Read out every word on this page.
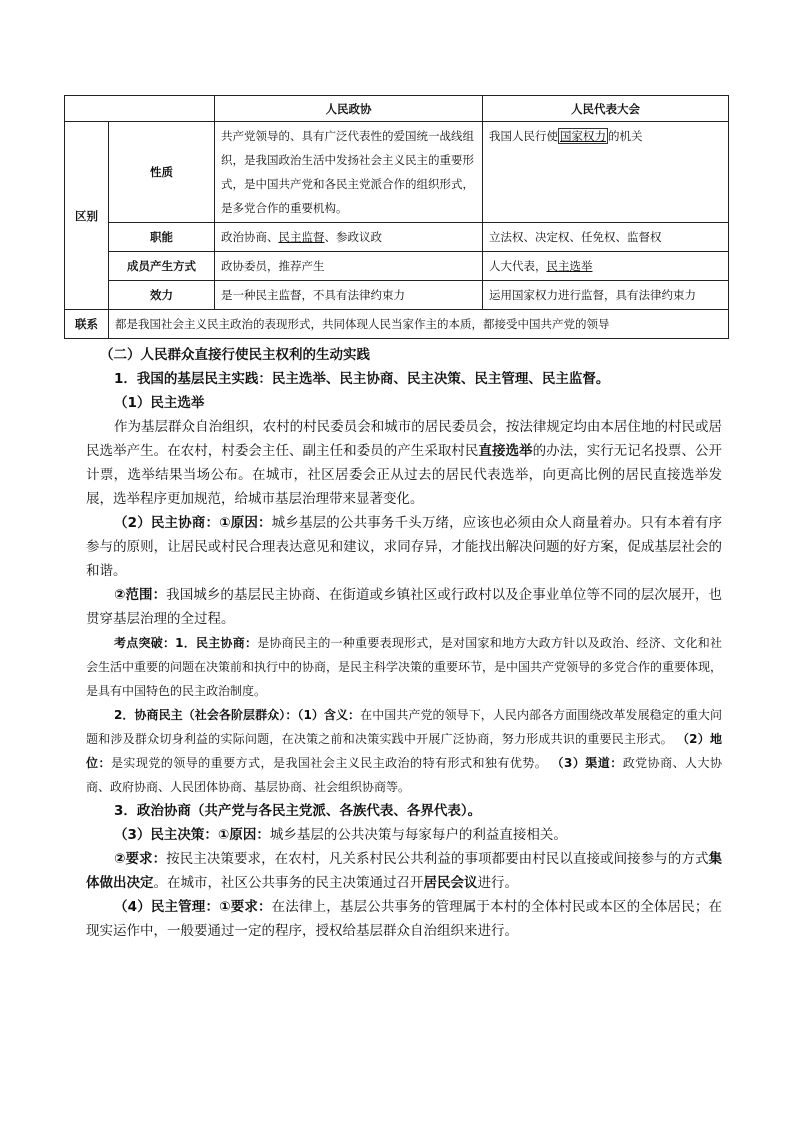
		人民政协	人民代表大会
区别	性质	共产党领导的、具有广泛代表性的爱国统一战线组织，是我国政治生活中发扬社会主义民主的重要形式，是中国共产党和各民主党派合作的组织形式，是多党合作的重要机构。	我国人民行使 国家权力 的机关
	职能	政治协商、民主监督、参政议政	立法权、决定权、任免权、监督权
	成员产生方式	政协委员，推荐产生	人大代表，民主选举
	效力	是一种民主监督，不具有法律约束力	运用国家权力进行监督，具有法律约束力
联系	都是我国社会主义民主政治的表现形式，共同体现人民当家作主的本质，都接受中国共产党的领导		

（二）人民群众直接行使民主权利的生动实践

1．我国的基层民主实践：民主选举、民主协商、民主决策、民主管理、民主监督。

（1）民主选举

作为基层群众自治组织，农村的村民委员会和城市的居民委员会，按法律规定均由本居住地的村民或居民选举产生。在农村，村委会主任、副主任和委员的产生采取村民直接选举的办法，实行无记名投票、公开计票，选举结果当场公布。在城市，社区居委会正从过去的居民代表选举，向更高比例的居民直接选举发展，选举程序更加规范，给城市基层治理带来显著变化。

（2）民主协商：①原因：城乡基层的公共事务千头万绪，应该也必须由众人商量着办。只有本着有序参与的原则，让居民或村民合理表达意见和建议，求同存异，才能找出解决问题的好方案，促成基层社会的和谐。

②范围：我国城乡的基层民主协商、在街道或乡镇社区或行政村以及企事业单位等不同的层次展开，也贯穿基层治理的全过程。

考点突破：1．民主协商：是协商民主的一种重要表现形式，是对国家和地方大政方针以及政治、经济、文化和社会生活中重要的问题在决策前和执行中的协商，是民主科学决策的重要环节，是中国共产党领导的多党合作的重要体现，是具有中国特色的民主政治制度。

2．协商民主（社会各阶层群众）：（1）含义：在中国共产党的领导下，人民内部各方面围绕改革发展稳定的重大问题和涉及群众切身利益的实际问题，在决策之前和决策实践中开展广泛协商，努力形成共识的重要民主形式。 （2）地位：是实现党的领导的重要方式，是我国社会主义民主政治的特有形式和独有优势。 （3）渠道：政党协商、人大协商、政府协商、人民团体协商、基层协商、社会组织协商等。

3．政治协商（共产党与各民主党派、各族代表、各界代表）。

（3）民主决策：①原因：城乡基层的公共决策与每家每户的利益直接相关。

②要求：按民主决策要求，在农村，凡关系村民公共利益的事项都要由村民以直接或间接参与的方式集体做出决定。在城市，社区公共事务的民主决策通过召开居民会议进行。

（4）民主管理：①要求：在法律上，基层公共事务的管理属于本村的全体村民或本区的全体居民；在现实运作中，一般要通过一定的程序，授权给基层群众自治组织来进行。
